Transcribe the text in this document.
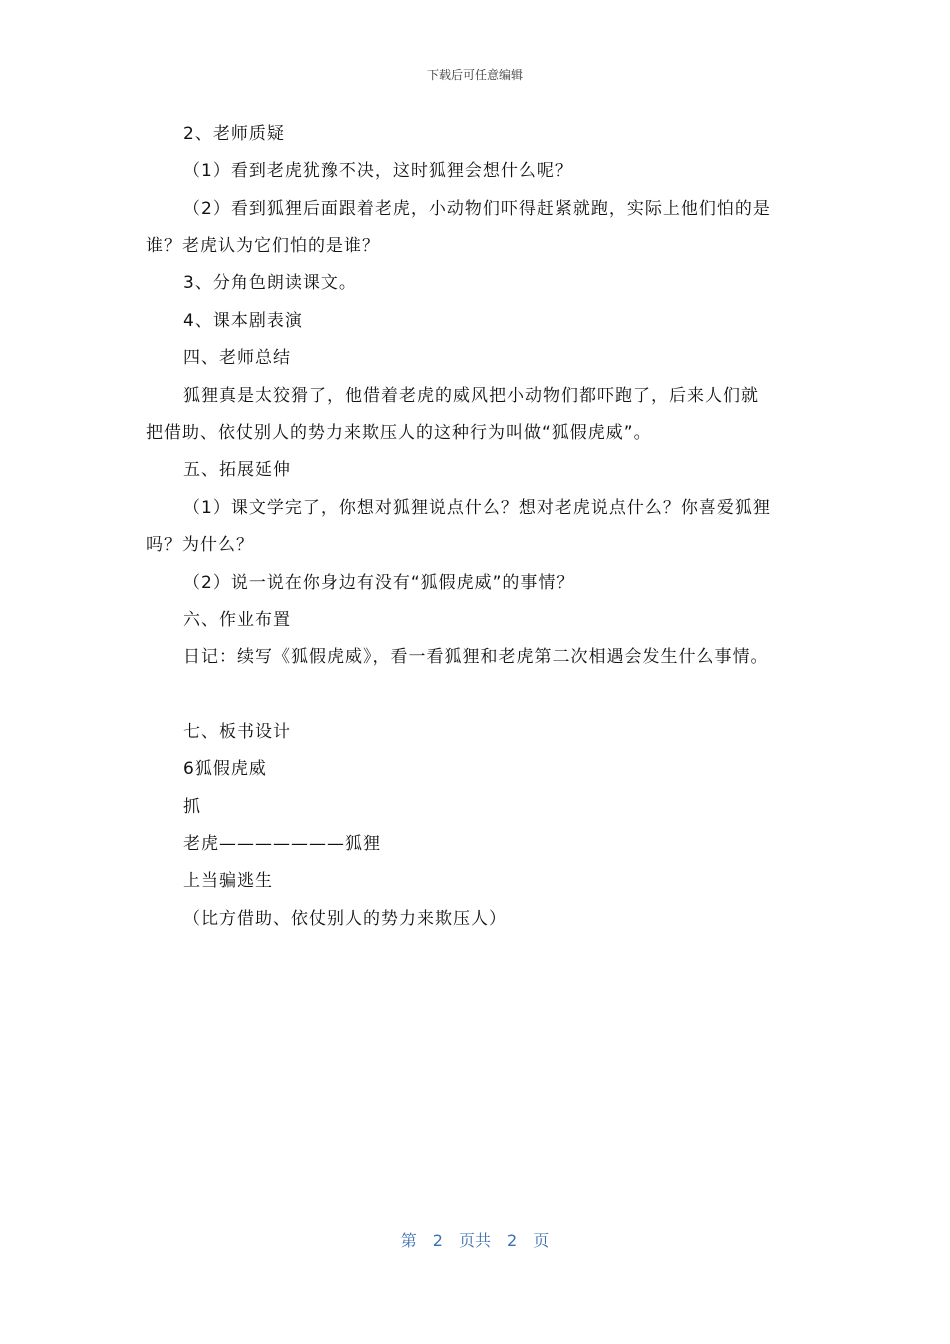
下载后可任意编辑
2、老师质疑
（1）看到老虎犹豫不决，这时狐狸会想什么呢？
（2）看到狐狸后面跟着老虎，小动物们吓得赶紧就跑，实际上他们怕的是
谁？老虎认为它们怕的是谁？
3、分角色朗读课文。
4、课本剧表演
四、老师总结
狐狸真是太狡猾了，他借着老虎的威风把小动物们都吓跑了，后来人们就
把借助、依仗别人的势力来欺压人的这种行为叫做“狐假虎威”。
五、拓展延伸
（1）课文学完了，你想对狐狸说点什么？想对老虎说点什么？你喜爱狐狸
吗？为什么？
（2）说一说在你身边有没有“狐假虎威”的事情？
六、作业布置
日记：续写《狐假虎威》，看一看狐狸和老虎第二次相遇会发生什么事情。
七、板书设计
6狐假虎威
抓
老虎———————狐狸
上当骗逃生
（比方借助、依仗别人的势力来欺压人）
第 2 页共 2 页
